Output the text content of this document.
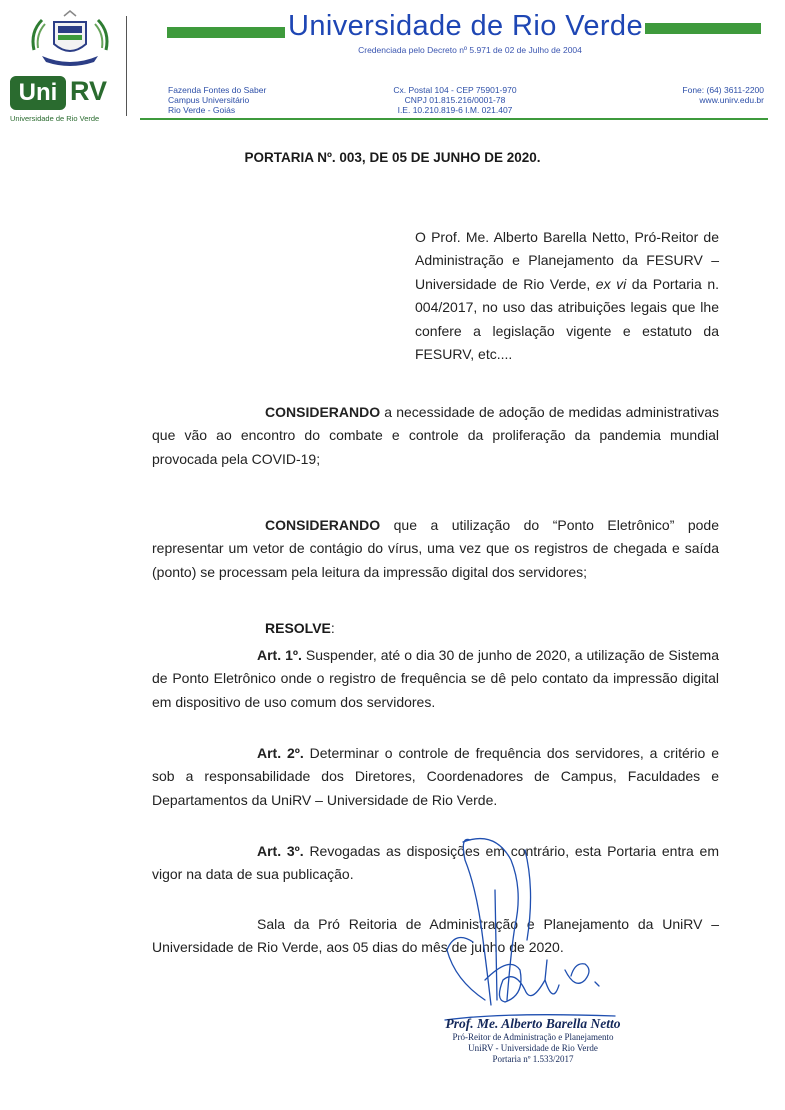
Uni RV
Universidade de Rio Verde
Universidade de Rio Verde
Credenciada pelo Decreto nº 5.971 de 02 de Julho de 2004
Fazenda Fontes do Saber
Campus Universitário
Rio Verde - Goiás
Cx. Postal 104 - CEP 75901-970
CNPJ 01.815.216/0001-78
I.E. 10.210.819-6 I.M. 021.407
Fone: (64) 3611-2200
www.unirv.edu.br
PORTARIA Nº. 003, DE 05 DE JUNHO DE 2020.
O Prof. Me. Alberto Barella Netto, Pró-Reitor de Administração e Planejamento da FESURV – Universidade de Rio Verde, ex vi da Portaria n. 004/2017, no uso das atribuições legais que lhe confere a legislação vigente e estatuto da FESURV, etc....
CONSIDERANDO a necessidade de adoção de medidas administrativas que vão ao encontro do combate e controle da proliferação da pandemia mundial provocada pela COVID-19;
CONSIDERANDO que a utilização do “Ponto Eletrônico” pode representar um vetor de contágio do vírus, uma vez que os registros de chegada e saída (ponto) se processam pela leitura da impressão digital dos servidores;
RESOLVE:
Art. 1º. Suspender, até o dia 30 de junho de 2020, a utilização de Sistema de Ponto Eletrônico onde o registro de frequência se dê pelo contato da impressão digital em dispositivo de uso comum dos servidores.
Art. 2º. Determinar o controle de frequência dos servidores, a critério e sob a responsabilidade dos Diretores, Coordenadores de Campus, Faculdades e Departamentos da UniRV – Universidade de Rio Verde.
Art. 3º. Revogadas as disposições em contrário, esta Portaria entra em vigor na data de sua publicação.
Sala da Pró Reitoria de Administração e Planejamento da UniRV – Universidade de Rio Verde, aos 05 dias do mês de junho de 2020.
Prof. Me. Alberto Barella Netto
Pró-Reitor de Administração e Planejamento
UniRV - Universidade de Rio Verde
Portaria nº 1.533/2017
